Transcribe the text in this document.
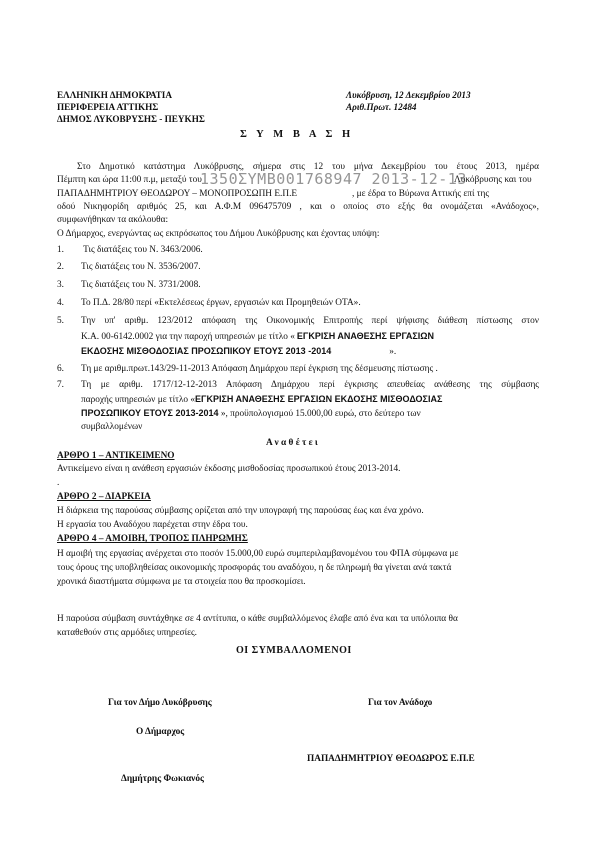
ΕΛΛΗΝΙΚΗ ΔΗΜΟΚΡΑΤΙΑ
ΠΕΡΙΦΕΡΕΙΑ ΑΤΤΙΚΗΣ
ΔΗΜΟΣ ΛΥΚΟΒΡΥΣΗΣ - ΠΕΥΚΗΣ
Λυκόβρυση, 12 Δεκεμβρίου 2013
Αριθ.Πρωτ. 12484
Σ Υ Μ Β Α Σ Η
Στο Δημοτικό κατάστημα Λυκόβρυσης, σήμερα στις 12 του μήνα Δεκεμβρίου του έτους 2013, ημέρα
Πέμπτη και ώρα 11:00 π.μ, μεταξύ του	Λυκόβρυσης και του
1350ΣΥΜΒ001768947 2013-12-13
ΠΑΠΑΔΗΜΗΤΡΙΟΥ ΘΕΟΔΩΡΟΥ – ΜΟΝΟΠΡΟΣΩΠΗ Ε.Π.Ε	, με έδρα το Βύρωνα Αττικής επί της
οδού Νικηφορίδη αριθμός 25, και Α.Φ.Μ 096475709 , και ο οποίος στο εξής θα ονομάζεται «Ανάδοχος»,
συμφωνήθηκαν τα ακόλουθα:
Ο Δήμαρχος, ενεργώντας ως εκπρόσωπος του Δήμου Λυκόβρυσης και έχοντας υπόψη:
1. Τις διατάξεις του Ν. 3463/2006.
2. Τις διατάξεις του Ν. 3536/2007.
3. Τις διατάξεις του Ν. 3731/2008.
4. Το Π.Δ. 28/80 περί «Εκτελέσεως έργων, εργασιών και Προμηθειών ΟΤΑ».
5. Την υπ' αριθμ. 123/2012 απόφαση της Οικονομικής Επιτροπής περί ψήφισης διάθεση πίστωσης στον
Κ.Α. 00-6142.0002 για την παροχή υπηρεσιών με τίτλο « ΕΓΚΡΙΣΗ ΑΝΑΘΕΣΗΣ ΕΡΓΑΣΙΩΝ
ΕΚΔΟΣΗΣ ΜΙΣΘΟΔΟΣΙΑΣ ΠΡΟΣΩΠΙΚΟΥ ΕΤΟΥΣ 2013 -2014	».
6. Τη με αριθμ.πρωτ.143/29-11-2013 Απόφαση Δημάρχου περί έγκριση της δέσμευσης πίστωσης .
7. Τη με αριθμ. 1717/12-12-2013 Απόφαση Δημάρχου περί έγκρισης απευθείας ανάθεσης της σύμβασης
παροχής υπηρεσιών με τίτλο «ΕΓΚΡΙΣΗ ΑΝΑΘΕΣΗΣ ΕΡΓΑΣΙΩΝ ΕΚΔΟΣΗΣ ΜΙΣΘΟΔΟΣΙΑΣ
ΠΡΟΣΩΠΙΚΟΥ ΕΤΟΥΣ 2013-2014 », προϋπολογισμού 15.000,00 ευρώ, στο δεύτερο των
συμβαλλομένων
Α ν α θ έ τ ε ι
ΑΡΘΡΟ 1 – ΑΝΤΙΚΕΙΜΕΝΟ
Αντικείμενο είναι η ανάθεση εργασιών έκδοσης μισθοδοσίας προσωπικού έτους 2013-2014.
.
ΑΡΘΡΟ 2 – ΔΙΑΡΚΕΙΑ
Η διάρκεια της παρούσας σύμβασης ορίζεται από την υπογραφή της παρούσας έως και ένα χρόνο.
Η εργασία του Αναδόχου παρέχεται στην έδρα του.
ΑΡΘΡΟ 4 – ΑΜΟΙΒΗ, ΤΡΟΠΟΣ ΠΛΗΡΩΜΗΣ
Η αμοιβή της εργασίας ανέρχεται στο ποσόν 15.000,00 ευρώ συμπεριλαμβανομένου του ΦΠΑ σύμφωνα με
τους όρους της υποβληθείσας οικονομικής προσφοράς του αναδόχου, η δε πληρωμή θα γίνεται ανά τακτά
χρονικά διαστήματα σύμφωνα με τα στοιχεία που θα προσκομίσει.
Η παρούσα σύμβαση συντάχθηκε σε 4 αντίτυπα, ο κάθε συμβαλλόμενος έλαβε από ένα και τα υπόλοιπα θα
καταθεθούν στις αρμόδιες υπηρεσίες.
ΟΙ ΣΥΜΒΑΛΛΟΜΕΝΟΙ
Για τον Δήμο Λυκόβρυσης	Για τον Ανάδοχο
Ο Δήμαρχος
ΠΑΠΑΔΗΜΗΤΡΙΟΥ ΘΕΟΔΩΡΟΣ Ε.Π.Ε
Δημήτρης Φωκιανός
